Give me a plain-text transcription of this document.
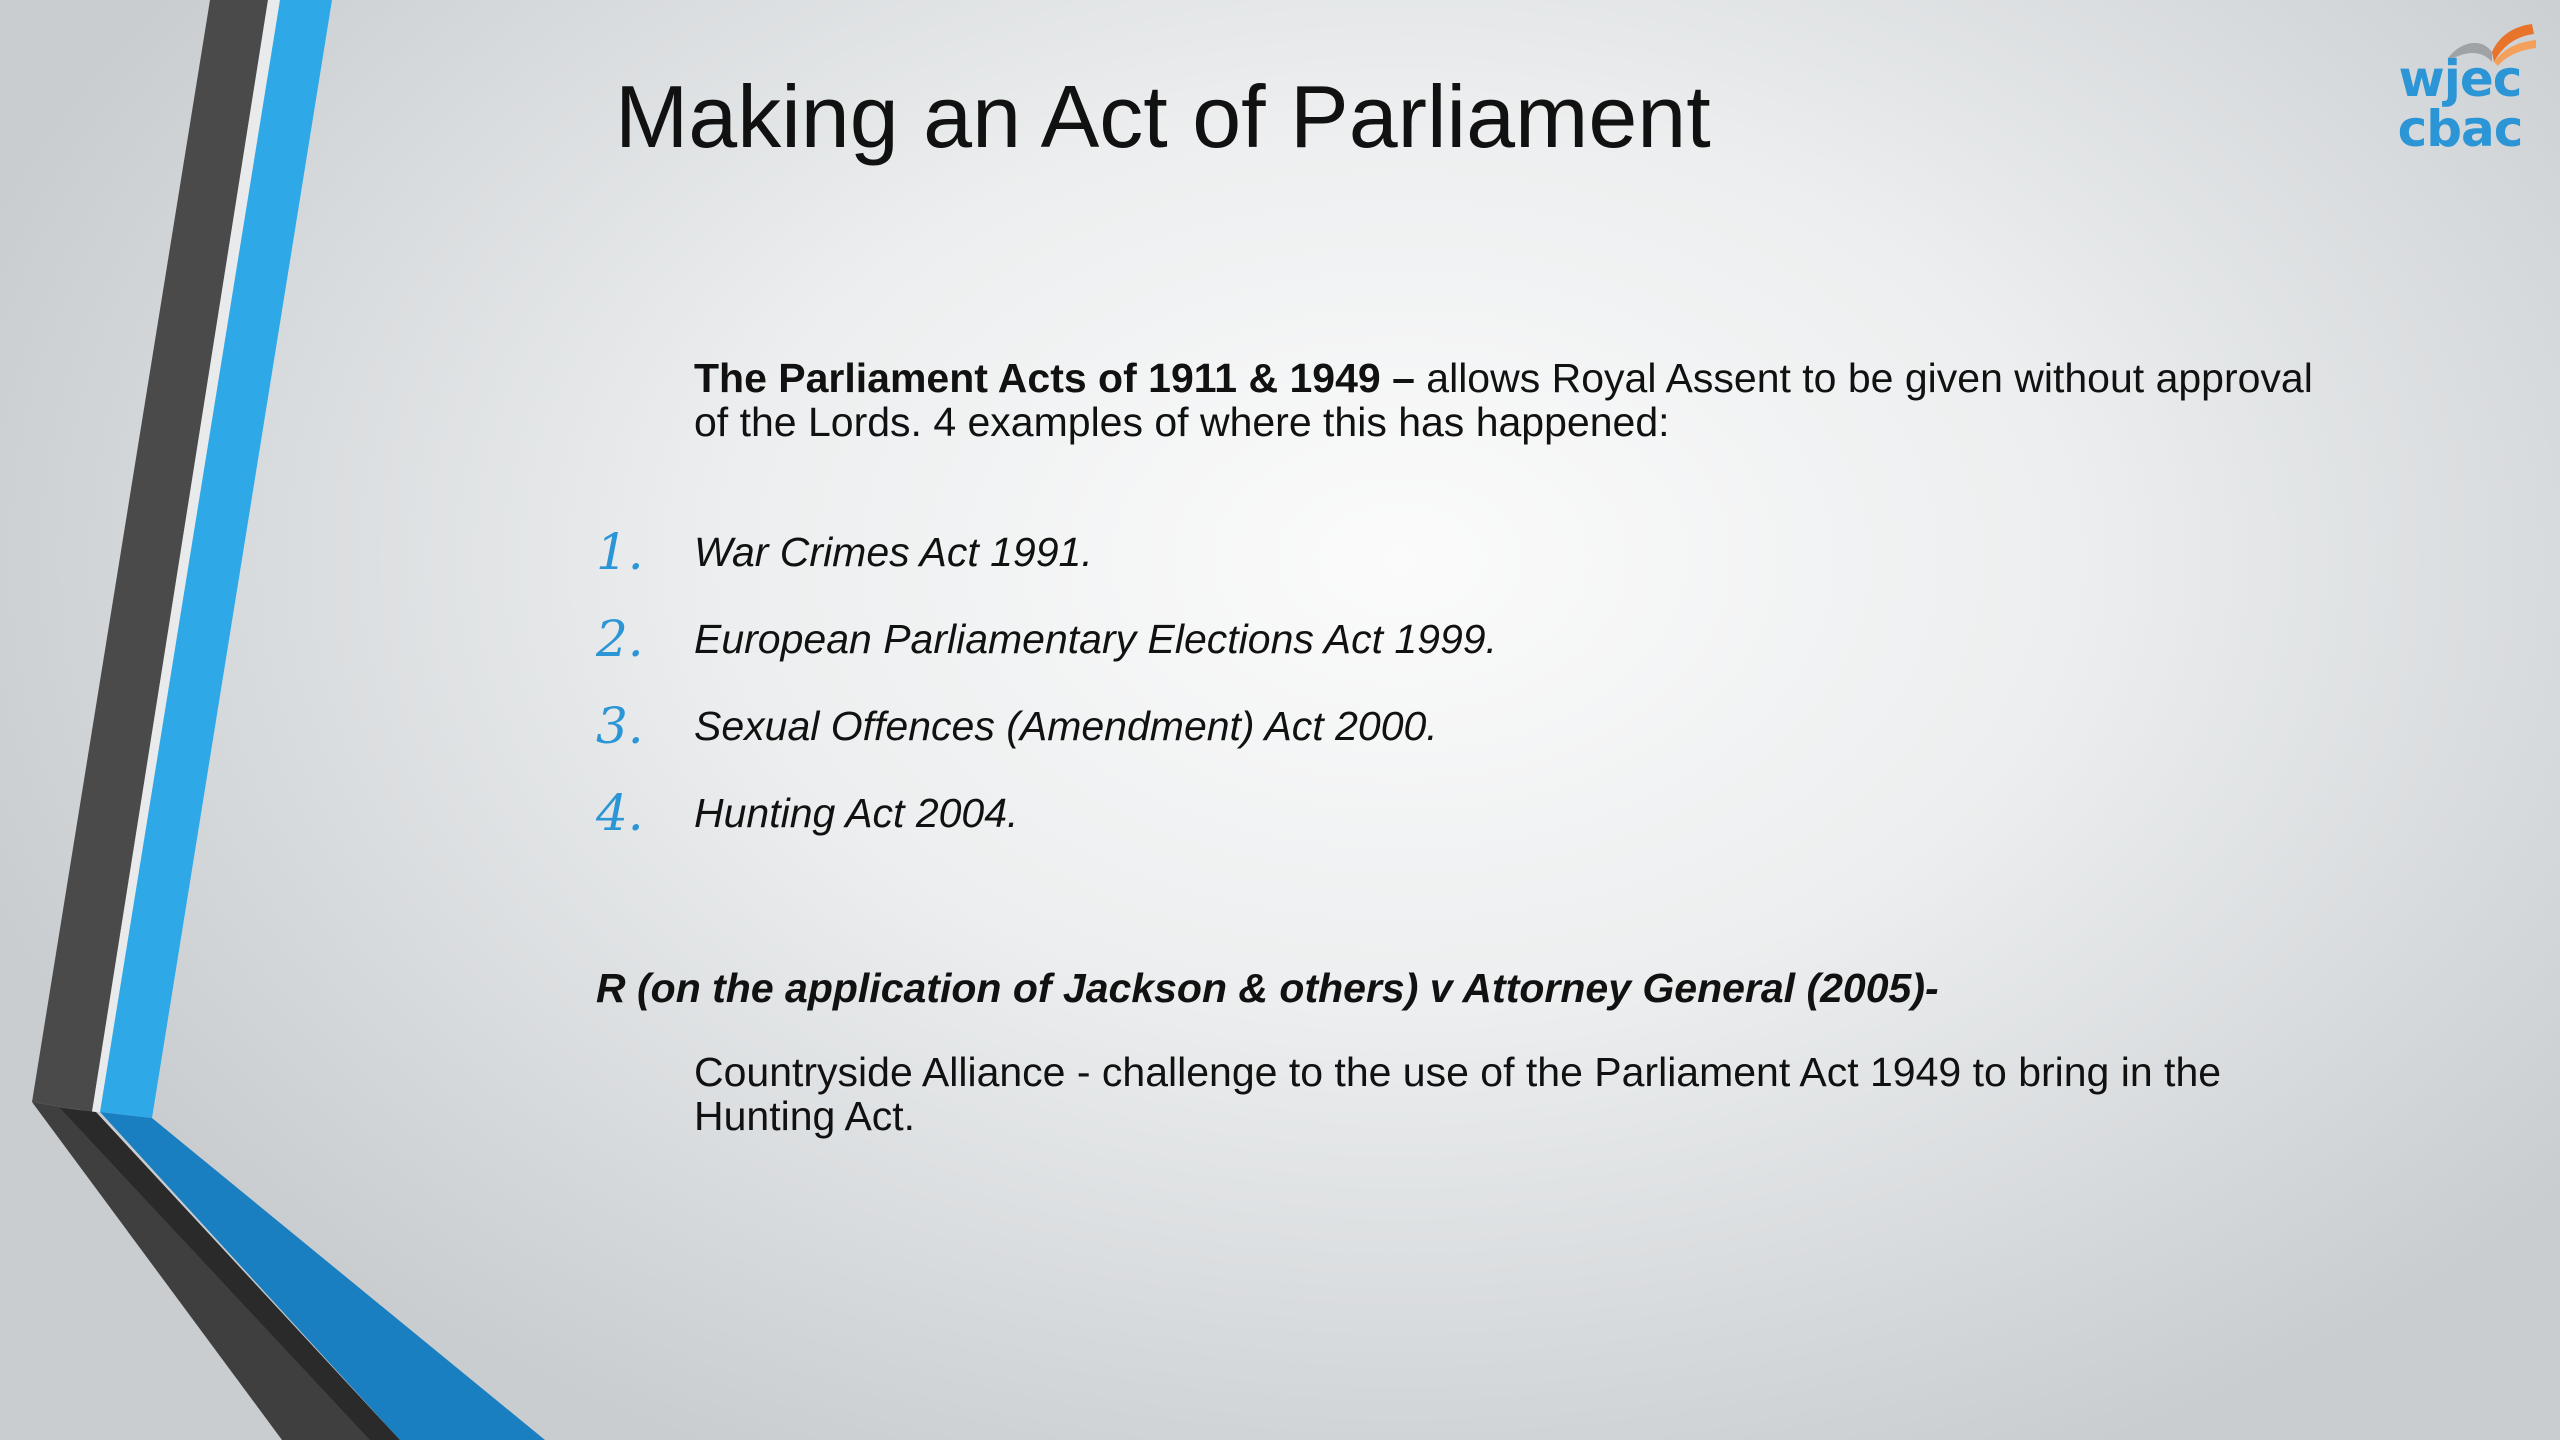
wjec
cbac
Making an Act of Parliament
The Parliament Acts of 1911 & 1949 – allows Royal Assent to be given without approval of the Lords. 4 examples of where this has happened:
1.	War Crimes Act 1991.
2.	European Parliamentary Elections Act 1999.
3.	Sexual Offences (Amendment) Act 2000.
4.	Hunting Act 2004.
R (on the application of Jackson & others) v Attorney General (2005)-
Countryside Alliance - challenge to the use of the Parliament Act 1949 to bring in the Hunting Act.
